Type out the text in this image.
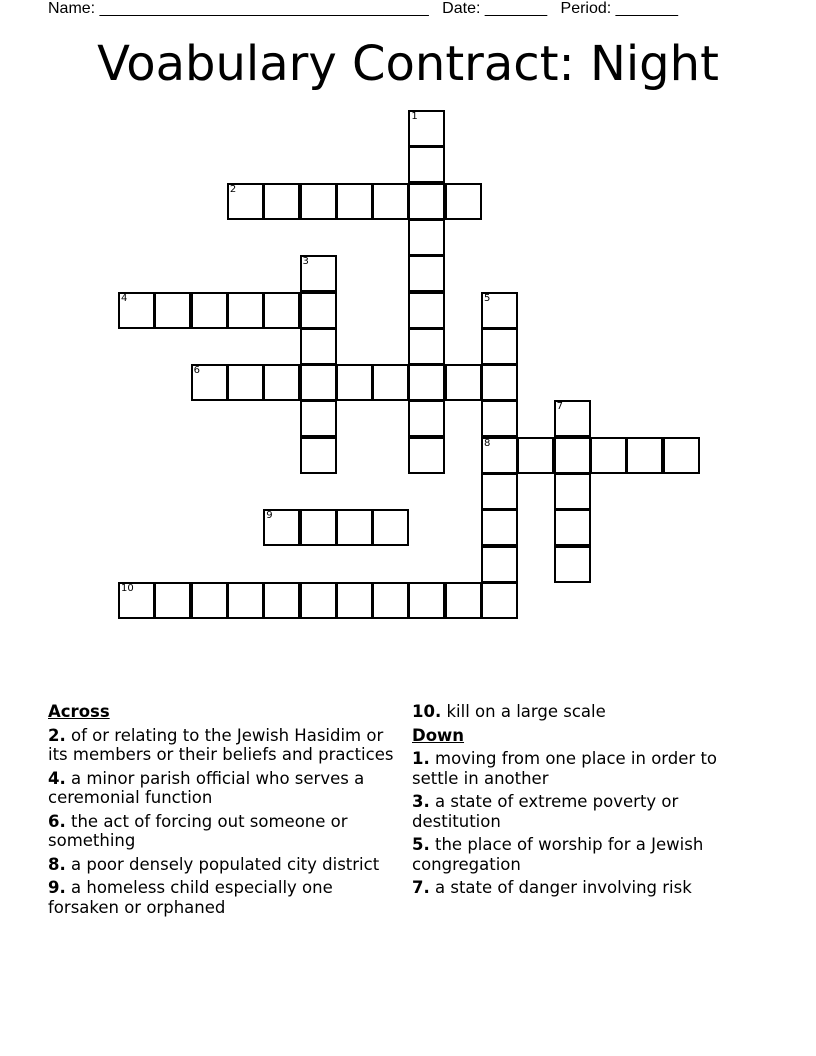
Name: _____________________________________ Date: _______ Period: _______
Voabulary Contract: Night
1
2
3
4	5
8
6
7
9
10
Across
2. of or relating to the Jewish Hasidim or its members or their beliefs and practices
4. a minor parish official who serves a ceremonial function
6. the act of forcing out someone or something
8. a poor densely populated city district
9. a homeless child especially one forsaken or orphaned
10. kill on a large scale
Down
1. moving from one place in order to settle in another
3. a state of extreme poverty or destitution
5. the place of worship for a Jewish congregation
7. a state of danger involving risk
